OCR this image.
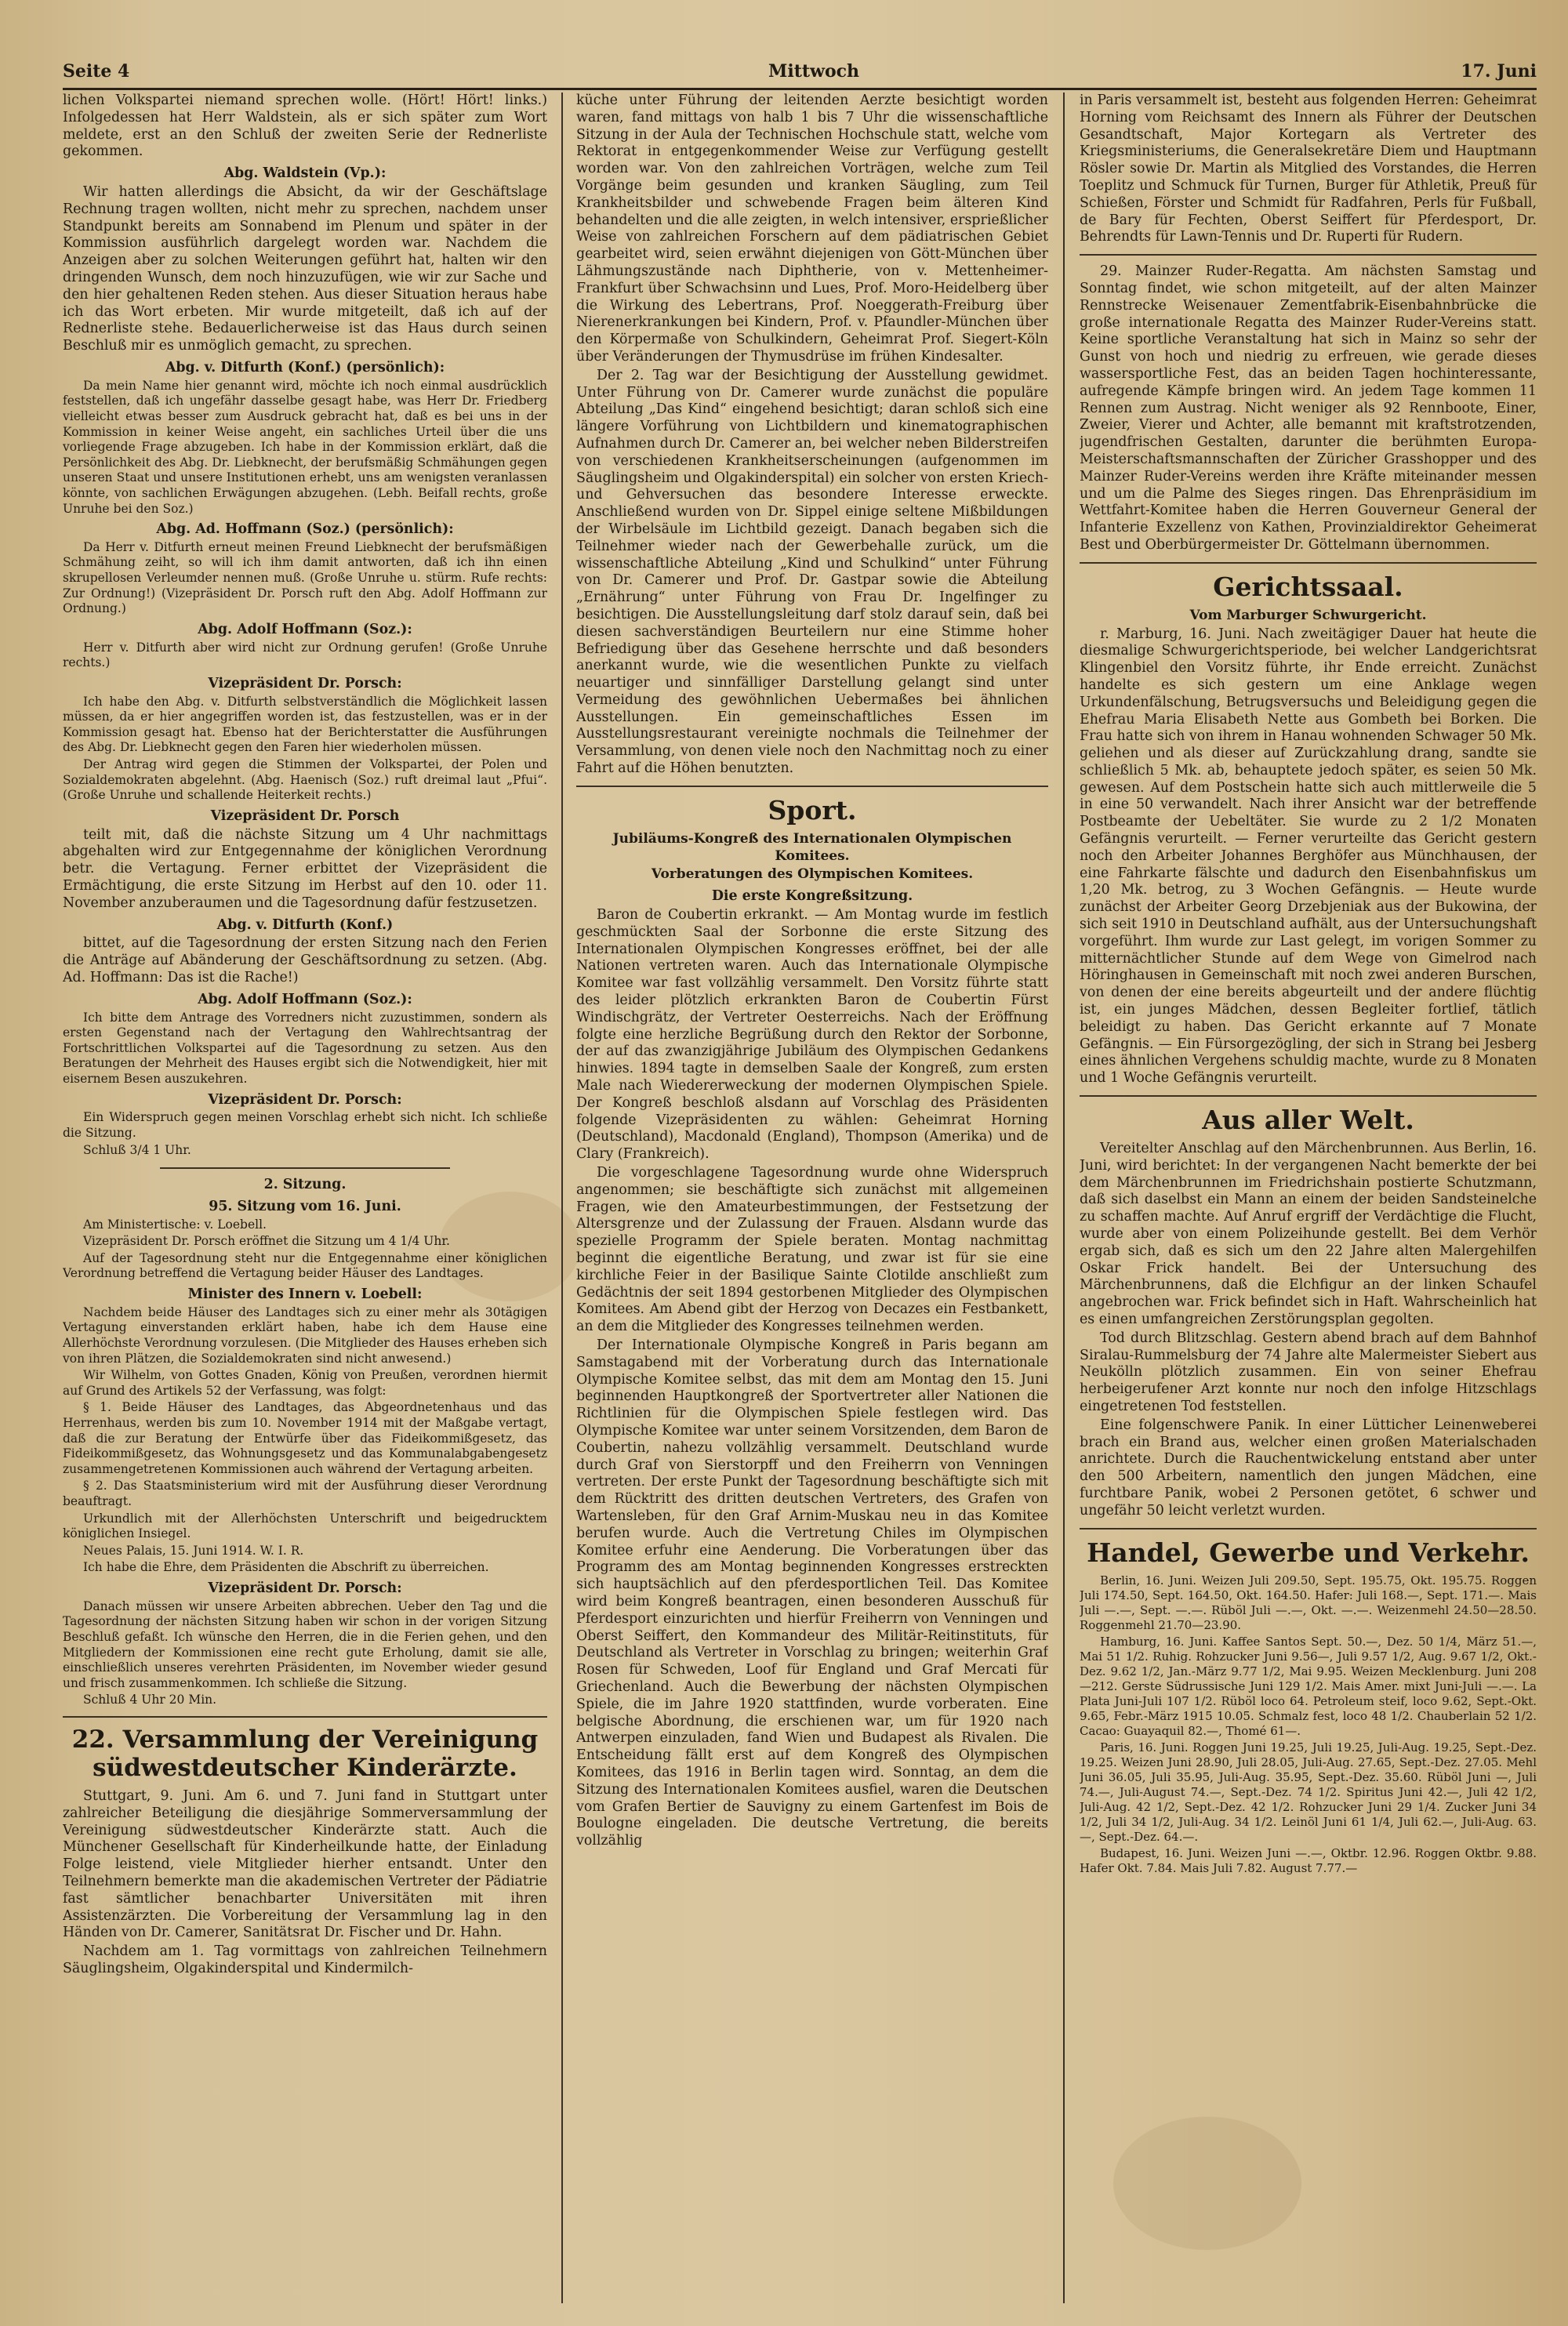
Seite 4	Mittwoch	17. Juni

lichen Volkspartei niemand sprechen wolle. (Hört! Hört! links.) Infolgedessen hat Herr Waldstein, als er sich später zum Wort meldete, erst an den Schluß der zweiten Serie der Rednerliste gekommen.

Abg. Waldstein (Vp.):

Wir hatten allerdings die Absicht, da wir der Geschäftslage Rechnung tragen wollten, nicht mehr zu sprechen, nachdem unser Standpunkt bereits am Sonnabend im Plenum und später in der Kommission ausführlich dargelegt worden war. Nachdem die Anzeigen aber zu solchen Weiterungen geführt hat, halten wir den dringenden Wunsch, dem noch hinzuzufügen, wie wir zur Sache und den hier gehaltenen Reden stehen. Aus dieser Situation heraus habe ich das Wort erbeten. Mir wurde mitgeteilt, daß ich auf der Rednerliste stehe. Bedauerlicherweise ist das Haus durch seinen Beschluß mir es unmöglich gemacht, zu sprechen.

Abg. v. Ditfurth (Konf.) (persönlich):

Da mein Name hier genannt wird, möchte ich noch einmal ausdrücklich feststellen, daß ich ungefähr dasselbe gesagt habe, was Herr Dr. Friedberg vielleicht etwas besser zum Ausdruck gebracht hat, daß es bei uns in der Kommission in keiner Weise angeht, ein sachliches Urteil über die uns vorliegende Frage abzugeben. Ich habe in der Kommission erklärt, daß die Persönlichkeit des Abg. Dr. Liebknecht, der berufsmäßig Schmähungen gegen unseren Staat und unsere Institutionen erhebt, uns am wenigsten veranlassen könnte, von sachlichen Erwägungen abzugehen. (Lebh. Beifall rechts, große Unruhe bei den Soz.)

Abg. Ad. Hoffmann (Soz.) (persönlich):

Da Herr v. Ditfurth erneut meinen Freund Liebknecht der berufsmäßigen Schmähung zeiht, so will ich ihm damit antworten, daß ich ihn einen skrupellosen Verleumder nennen muß. (Große Unruhe u. stürm. Rufe rechts: Zur Ordnung!) (Vizepräsident Dr. Porsch ruft den Abg. Adolf Hoffmann zur Ordnung.)

Abg. Adolf Hoffmann (Soz.):

Herr v. Ditfurth aber wird nicht zur Ordnung gerufen! (Große Unruhe rechts.)

Vizepräsident Dr. Porsch:

Ich habe den Abg. v. Ditfurth selbstverständlich die Möglichkeit lassen müssen, da er hier angegriffen worden ist, das festzustellen, was er in der Kommission gesagt hat. Ebenso hat der Berichterstatter die Ausführungen des Abg. Dr. Liebknecht gegen den Faren hier wiederholen müssen.

Der Antrag wird gegen die Stimmen der Volkspartei, der Polen und Sozialdemokraten abgelehnt. (Abg. Haenisch (Soz.) ruft dreimal laut „Pfui“. (Große Unruhe und schallende Heiterkeit rechts.)

Vizepräsident Dr. Porsch

teilt mit, daß die nächste Sitzung um 4 Uhr nachmittags abgehalten wird zur Entgegennahme der königlichen Verordnung betr. die Vertagung. Ferner erbittet der Vizepräsident die Ermächtigung, die erste Sitzung im Herbst auf den 10. oder 11. November anzuberaumen und die Tagesordnung dafür festzusetzen.

Abg. v. Ditfurth (Konf.)

bittet, auf die Tagesordnung der ersten Sitzung nach den Ferien die Anträge auf Abänderung der Geschäftsordnung zu setzen. (Abg. Ad. Hoffmann: Das ist die Rache!)

Abg. Adolf Hoffmann (Soz.):

Ich bitte dem Antrage des Vorredners nicht zuzustimmen, sondern als ersten Gegenstand nach der Vertagung den Wahlrechtsantrag der Fortschrittlichen Volkspartei auf die Tagesordnung zu setzen. Aus den Beratungen der Mehrheit des Hauses ergibt sich die Notwendigkeit, hier mit eisernem Besen auszukehren.

Vizepräsident Dr. Porsch:

Ein Widerspruch gegen meinen Vorschlag erhebt sich nicht. Ich schließe die Sitzung.

Schluß 3/4 1 Uhr.

2. Sitzung.

95. Sitzung vom 16. Juni.

Am Ministertische: v. Loebell.

Vizepräsident Dr. Porsch eröffnet die Sitzung um 4 1/4 Uhr.

Auf der Tagesordnung steht nur die Entgegennahme einer königlichen Verordnung betreffend die Vertagung beider Häuser des Landtages.

Minister des Innern v. Loebell:

Nachdem beide Häuser des Landtages sich zu einer mehr als 30tägigen Vertagung einverstanden erklärt haben, habe ich dem Hause eine Allerhöchste Verordnung vorzulesen. (Die Mitglieder des Hauses erheben sich von ihren Plätzen, die Sozialdemokraten sind nicht anwesend.)

Wir Wilhelm, von Gottes Gnaden, König von Preußen, verordnen hiermit auf Grund des Artikels 52 der Verfassung, was folgt:

§ 1. Beide Häuser des Landtages, das Abgeordnetenhaus und das Herrenhaus, werden bis zum 10. November 1914 mit der Maßgabe vertagt, daß die zur Beratung der Entwürfe über das Fideikommißgesetz, das Fideikommißgesetz, das Wohnungsgesetz und das Kommunalabgabengesetz zusammengetretenen Kommissionen auch während der Vertagung arbeiten.

§ 2. Das Staatsministerium wird mit der Ausführung dieser Verordnung beauftragt.

Urkundlich mit der Allerhöchsten Unterschrift und beigedrucktem königlichen Insiegel.

Neues Palais, 15. Juni 1914. W. I. R.

Ich habe die Ehre, dem Präsidenten die Abschrift zu überreichen.

Vizepräsident Dr. Porsch:

Danach müssen wir unsere Arbeiten abbrechen. Ueber den Tag und die Tagesordnung der nächsten Sitzung haben wir schon in der vorigen Sitzung Beschluß gefaßt. Ich wünsche den Herren, die in die Ferien gehen, und den Mitgliedern der Kommissionen eine recht gute Erholung, damit sie alle, einschließlich unseres verehrten Präsidenten, im November wieder gesund und frisch zusammenkommen. Ich schließe die Sitzung.

Schluß 4 Uhr 20 Min.

22. Versammlung der Vereinigung südwestdeutscher Kinderärzte.

Stuttgart, 9. Juni. Am 6. und 7. Juni fand in Stuttgart unter zahlreicher Beteiligung die diesjährige Sommerversammlung der Vereinigung südwestdeutscher Kinderärzte statt. Auch die Münchener Gesellschaft für Kinderheilkunde hatte, der Einladung Folge leistend, viele Mitglieder hierher entsandt. Unter den Teilnehmern bemerkte man die akademischen Vertreter der Pädiatrie fast sämtlicher benachbarter Universitäten mit ihren Assistenzärzten. Die Vorbereitung der Versammlung lag in den Händen von Dr. Camerer, Sanitätsrat Dr. Fischer und Dr. Hahn.

Nachdem am 1. Tag vormittags von zahlreichen Teilnehmern Säuglingsheim, Olgakinderspital und Kindermilch-

küche unter Führung der leitenden Aerzte besichtigt worden waren, fand mittags von halb 1 bis 7 Uhr die wissenschaftliche Sitzung in der Aula der Technischen Hochschule statt, welche vom Rektorat in entgegenkommender Weise zur Verfügung gestellt worden war. Von den zahlreichen Vorträgen, welche zum Teil Vorgänge beim gesunden und kranken Säugling, zum Teil Krankheitsbilder und schwebende Fragen beim älteren Kind behandelten und die alle zeigten, in welch intensiver, ersprießlicher Weise von zahlreichen Forschern auf dem pädiatrischen Gebiet gearbeitet wird, seien erwähnt diejenigen von Gött-München über Lähmungszustände nach Diphtherie, von v. Mettenheimer-Frankfurt über Schwachsinn und Lues, Prof. Moro-Heidelberg über die Wirkung des Lebertrans, Prof. Noeggerath-Freiburg über Nierenerkrankungen bei Kindern, Prof. v. Pfaundler-München über den Körpermaße von Schulkindern, Geheimrat Prof. Siegert-Köln über Veränderungen der Thymusdrüse im frühen Kindesalter.

Der 2. Tag war der Besichtigung der Ausstellung gewidmet. Unter Führung von Dr. Camerer wurde zunächst die populäre Abteilung „Das Kind“ eingehend besichtigt; daran schloß sich eine längere Vorführung von Lichtbildern und kinematographischen Aufnahmen durch Dr. Camerer an, bei welcher neben Bilderstreifen von verschiedenen Krankheitserscheinungen (aufgenommen im Säuglingsheim und Olgakinderspital) ein solcher von ersten Kriech- und Gehversuchen das besondere Interesse erweckte. Anschließend wurden von Dr. Sippel einige seltene Mißbildungen der Wirbelsäule im Lichtbild gezeigt. Danach begaben sich die Teilnehmer wieder nach der Gewerbehalle zurück, um die wissenschaftliche Abteilung „Kind und Schulkind“ unter Führung von Dr. Camerer und Prof. Dr. Gastpar sowie die Abteilung „Ernährung“ unter Führung von Frau Dr. Ingelfinger zu besichtigen. Die Ausstellungsleitung darf stolz darauf sein, daß bei diesen sachverständigen Beurteilern nur eine Stimme hoher Befriedigung über das Gesehene herrschte und daß besonders anerkannt wurde, wie die wesentlichen Punkte zu vielfach neuartiger und sinnfälliger Darstellung gelangt sind unter Vermeidung des gewöhnlichen Uebermaßes bei ähnlichen Ausstellungen. Ein gemeinschaftliches Essen im Ausstellungsrestaurant vereinigte nochmals die Teilnehmer der Versammlung, von denen viele noch den Nachmittag noch zu einer Fahrt auf die Höhen benutzten.

Sport.

Jubiläums-Kongreß des Internationalen Olympischen Komitees.

Vorberatungen des Olympischen Komitees.

Die erste Kongreßsitzung.

Baron de Coubertin erkrankt. — Am Montag wurde im festlich geschmückten Saal der Sorbonne die erste Sitzung des Internationalen Olympischen Kongresses eröffnet, bei der alle Nationen vertreten waren. Auch das Internationale Olympische Komitee war fast vollzählig versammelt. Den Vorsitz führte statt des leider plötzlich erkrankten Baron de Coubertin Fürst Windischgrätz, der Vertreter Oesterreichs. Nach der Eröffnung folgte eine herzliche Begrüßung durch den Rektor der Sorbonne, der auf das zwanzigjährige Jubiläum des Olympischen Gedankens hinwies. 1894 tagte in demselben Saale der Kongreß, zum ersten Male nach Wiedererweckung der modernen Olympischen Spiele. Der Kongreß beschloß alsdann auf Vorschlag des Präsidenten folgende Vizepräsidenten zu wählen: Geheimrat Horning (Deutschland), Macdonald (England), Thompson (Amerika) und de Clary (Frankreich).

Die vorgeschlagene Tagesordnung wurde ohne Widerspruch angenommen; sie beschäftigte sich zunächst mit allgemeinen Fragen, wie den Amateurbestimmungen, der Festsetzung der Altersgrenze und der Zulassung der Frauen. Alsdann wurde das spezielle Programm der Spiele beraten. Montag nachmittag beginnt die eigentliche Beratung, und zwar ist für sie eine kirchliche Feier in der Basilique Sainte Clotilde anschließt zum Gedächtnis der seit 1894 gestorbenen Mitglieder des Olympischen Komitees. Am Abend gibt der Herzog von Decazes ein Festbankett, an dem die Mitglieder des Kongresses teilnehmen werden.

Der Internationale Olympische Kongreß in Paris begann am Samstagabend mit der Vorberatung durch das Internationale Olympische Komitee selbst, das mit dem am Montag den 15. Juni beginnenden Hauptkongreß der Sportvertreter aller Nationen die Richtlinien für die Olympischen Spiele festlegen wird. Das Olympische Komitee war unter seinem Vorsitzenden, dem Baron de Coubertin, nahezu vollzählig versammelt. Deutschland wurde durch Graf von Sierstorpff und den Freiherrn von Venningen vertreten. Der erste Punkt der Tagesordnung beschäftigte sich mit dem Rücktritt des dritten deutschen Vertreters, des Grafen von Wartensleben, für den Graf Arnim-Muskau neu in das Komitee berufen wurde. Auch die Vertretung Chiles im Olympischen Komitee erfuhr eine Aenderung. Die Vorberatungen über das Programm des am Montag beginnenden Kongresses erstreckten sich hauptsächlich auf den pferdesportlichen Teil. Das Komitee wird beim Kongreß beantragen, einen besonderen Ausschuß für Pferdesport einzurichten und hierfür Freiherrn von Venningen und Oberst Seiffert, den Kommandeur des Militär-Reitinstituts, für Deutschland als Vertreter in Vorschlag zu bringen; weiterhin Graf Rosen für Schweden, Loof für England und Graf Mercati für Griechenland. Auch die Bewerbung der nächsten Olympischen Spiele, die im Jahre 1920 stattfinden, wurde vorberaten. Eine belgische Abordnung, die erschienen war, um für 1920 nach Antwerpen einzuladen, fand Wien und Budapest als Rivalen. Die Entscheidung fällt erst auf dem Kongreß des Olympischen Komitees, das 1916 in Berlin tagen wird. Sonntag, an dem die Sitzung des Internationalen Komitees ausfiel, waren die Deutschen vom Grafen Bertier de Sauvigny zu einem Gartenfest im Bois de Boulogne eingeladen. Die deutsche Vertretung, die bereits vollzählig

in Paris versammelt ist, besteht aus folgenden Herren: Geheimrat Horning vom Reichsamt des Innern als Führer der Deutschen Gesandtschaft, Major Kortegarn als Vertreter des Kriegsministeriums, die Generalsekretäre Diem und Hauptmann Rösler sowie Dr. Martin als Mitglied des Vorstandes, die Herren Toeplitz und Schmuck für Turnen, Burger für Athletik, Preuß für Schießen, Förster und Schmidt für Radfahren, Perls für Fußball, de Bary für Fechten, Oberst Seiffert für Pferdesport, Dr. Behrendts für Lawn-Tennis und Dr. Ruperti für Rudern.

29. Mainzer Ruder-Regatta. Am nächsten Samstag und Sonntag findet, wie schon mitgeteilt, auf der alten Mainzer Rennstrecke Weisenauer Zementfabrik-Eisenbahnbrücke die große internationale Regatta des Mainzer Ruder-Vereins statt. Keine sportliche Veranstaltung hat sich in Mainz so sehr der Gunst von hoch und niedrig zu erfreuen, wie gerade dieses wassersportliche Fest, das an beiden Tagen hochinteressante, aufregende Kämpfe bringen wird. An jedem Tage kommen 11 Rennen zum Austrag. Nicht weniger als 92 Rennboote, Einer, Zweier, Vierer und Achter, alle bemannt mit kraftstrotzenden, jugendfrischen Gestalten, darunter die berühmten Europa-Meisterschaftsmannschaften der Züricher Grasshopper und des Mainzer Ruder-Vereins werden ihre Kräfte miteinander messen und um die Palme des Sieges ringen. Das Ehrenpräsidium im Wettfahrt-Komitee haben die Herren Gouverneur General der Infanterie Exzellenz von Kathen, Provinzialdirektor Geheimerat Best und Oberbürgermeister Dr. Göttelmann übernommen.

Gerichtssaal.

Vom Marburger Schwurgericht.

r. Marburg, 16. Juni. Nach zweitägiger Dauer hat heute die diesmalige Schwurgerichtsperiode, bei welcher Landgerichtsrat Klingenbiel den Vorsitz führte, ihr Ende erreicht. Zunächst handelte es sich gestern um eine Anklage wegen Urkundenfälschung, Betrugsversuchs und Beleidigung gegen die Ehefrau Maria Elisabeth Nette aus Gombeth bei Borken. Die Frau hatte sich von ihrem in Hanau wohnenden Schwager 50 Mk. geliehen und als dieser auf Zurückzahlung drang, sandte sie schließlich 5 Mk. ab, behauptete jedoch später, es seien 50 Mk. gewesen. Auf dem Postschein hatte sich auch mittlerweile die 5 in eine 50 verwandelt. Nach ihrer Ansicht war der betreffende Postbeamte der Uebeltäter. Sie wurde zu 2 1/2 Monaten Gefängnis verurteilt. — Ferner verurteilte das Gericht gestern noch den Arbeiter Johannes Berghöfer aus Münchhausen, der eine Fahrkarte fälschte und dadurch den Eisenbahnfiskus um 1,20 Mk. betrog, zu 3 Wochen Gefängnis. — Heute wurde zunächst der Arbeiter Georg Drzebjeniak aus der Bukowina, der sich seit 1910 in Deutschland aufhält, aus der Untersuchungshaft vorgeführt. Ihm wurde zur Last gelegt, im vorigen Sommer zu mitternächtlicher Stunde auf dem Wege von Gimelrod nach Höringhausen in Gemeinschaft mit noch zwei anderen Burschen, von denen der eine bereits abgeurteilt und der andere flüchtig ist, ein junges Mädchen, dessen Begleiter fortlief, tätlich beleidigt zu haben. Das Gericht erkannte auf 7 Monate Gefängnis. — Ein Fürsorgezögling, der sich in Strang bei Jesberg eines ähnlichen Vergehens schuldig machte, wurde zu 8 Monaten und 1 Woche Gefängnis verurteilt.

Aus aller Welt.

Vereitelter Anschlag auf den Märchenbrunnen. Aus Berlin, 16. Juni, wird berichtet: In der vergangenen Nacht bemerkte der bei dem Märchenbrunnen im Friedrichshain postierte Schutzmann, daß sich daselbst ein Mann an einem der beiden Sandsteinelche zu schaffen machte. Auf Anruf ergriff der Verdächtige die Flucht, wurde aber von einem Polizeihunde gestellt. Bei dem Verhör ergab sich, daß es sich um den 22 Jahre alten Malergehilfen Oskar Frick handelt. Bei der Untersuchung des Märchenbrunnens, daß die Elchfigur an der linken Schaufel angebrochen war. Frick befindet sich in Haft. Wahrscheinlich hat es einen umfangreichen Zerstörungsplan gegolten.

Tod durch Blitzschlag. Gestern abend brach auf dem Bahnhof Siralau-Rummelsburg der 74 Jahre alte Malermeister Siebert aus Neukölln plötzlich zusammen. Ein von seiner Ehefrau herbeigerufener Arzt konnte nur noch den infolge Hitzschlags eingetretenen Tod feststellen.

Eine folgenschwere Panik. In einer Lütticher Leinenweberei brach ein Brand aus, welcher einen großen Materialschaden anrichtete. Durch die Rauchentwickelung entstand aber unter den 500 Arbeitern, namentlich den jungen Mädchen, eine furchtbare Panik, wobei 2 Personen getötet, 6 schwer und ungefähr 50 leicht verletzt wurden.

Handel, Gewerbe und Verkehr.

Berlin, 16. Juni. Weizen Juli 209.50, Sept. 195.75, Okt. 195.75. Roggen Juli 174.50, Sept. 164.50, Okt. 164.50. Hafer: Juli 168.—, Sept. 171.—. Mais Juli —.—, Sept. —.—. Rüböl Juli —.—, Okt. —.—. Weizenmehl 24.50—28.50. Roggenmehl 21.70—23.90.

Hamburg, 16. Juni. Kaffee Santos Sept. 50.—, Dez. 50 1/4, März 51.—, Mai 51 1/2. Ruhig. Rohzucker Juni 9.56—, Juli 9.57 1/2, Aug. 9.67 1/2, Okt.-Dez. 9.62 1/2, Jan.-März 9.77 1/2, Mai 9.95. Weizen Mecklenburg. Juni 208—212. Gerste Südrussische Juni 129 1/2. Mais Amer. mixt Juni-Juli —.—. La Plata Juni-Juli 107 1/2. Rüböl loco 64. Petroleum steif, loco 9.62, Sept.-Okt. 9.65, Febr.-März 1915 10.05. Schmalz fest, loco 48 1/2. Chauberlain 52 1/2. Cacao: Guayaquil 82.—, Thomé 61—.

Paris, 16. Juni. Roggen Juni 19.25, Juli 19.25, Juli-Aug. 19.25, Sept.-Dez. 19.25. Weizen Juni 28.90, Juli 28.05, Juli-Aug. 27.65, Sept.-Dez. 27.05. Mehl Juni 36.05, Juli 35.95, Juli-Aug. 35.95, Sept.-Dez. 35.60. Rüböl Juni —, Juli 74.—, Juli-August 74.—, Sept.-Dez. 74 1/2. Spiritus Juni 42.—, Juli 42 1/2, Juli-Aug. 42 1/2, Sept.-Dez. 42 1/2. Rohzucker Juni 29 1/4. Zucker Juni 34 1/2, Juli 34 1/2, Juli-Aug. 34 1/2. Leinöl Juni 61 1/4, Juli 62.—, Juli-Aug. 63.—, Sept.-Dez. 64.—.

Budapest, 16. Juni. Weizen Juni —.—, Oktbr. 12.96. Roggen Oktbr. 9.88. Hafer Okt. 7.84. Mais Juli 7.82. August 7.77.—
